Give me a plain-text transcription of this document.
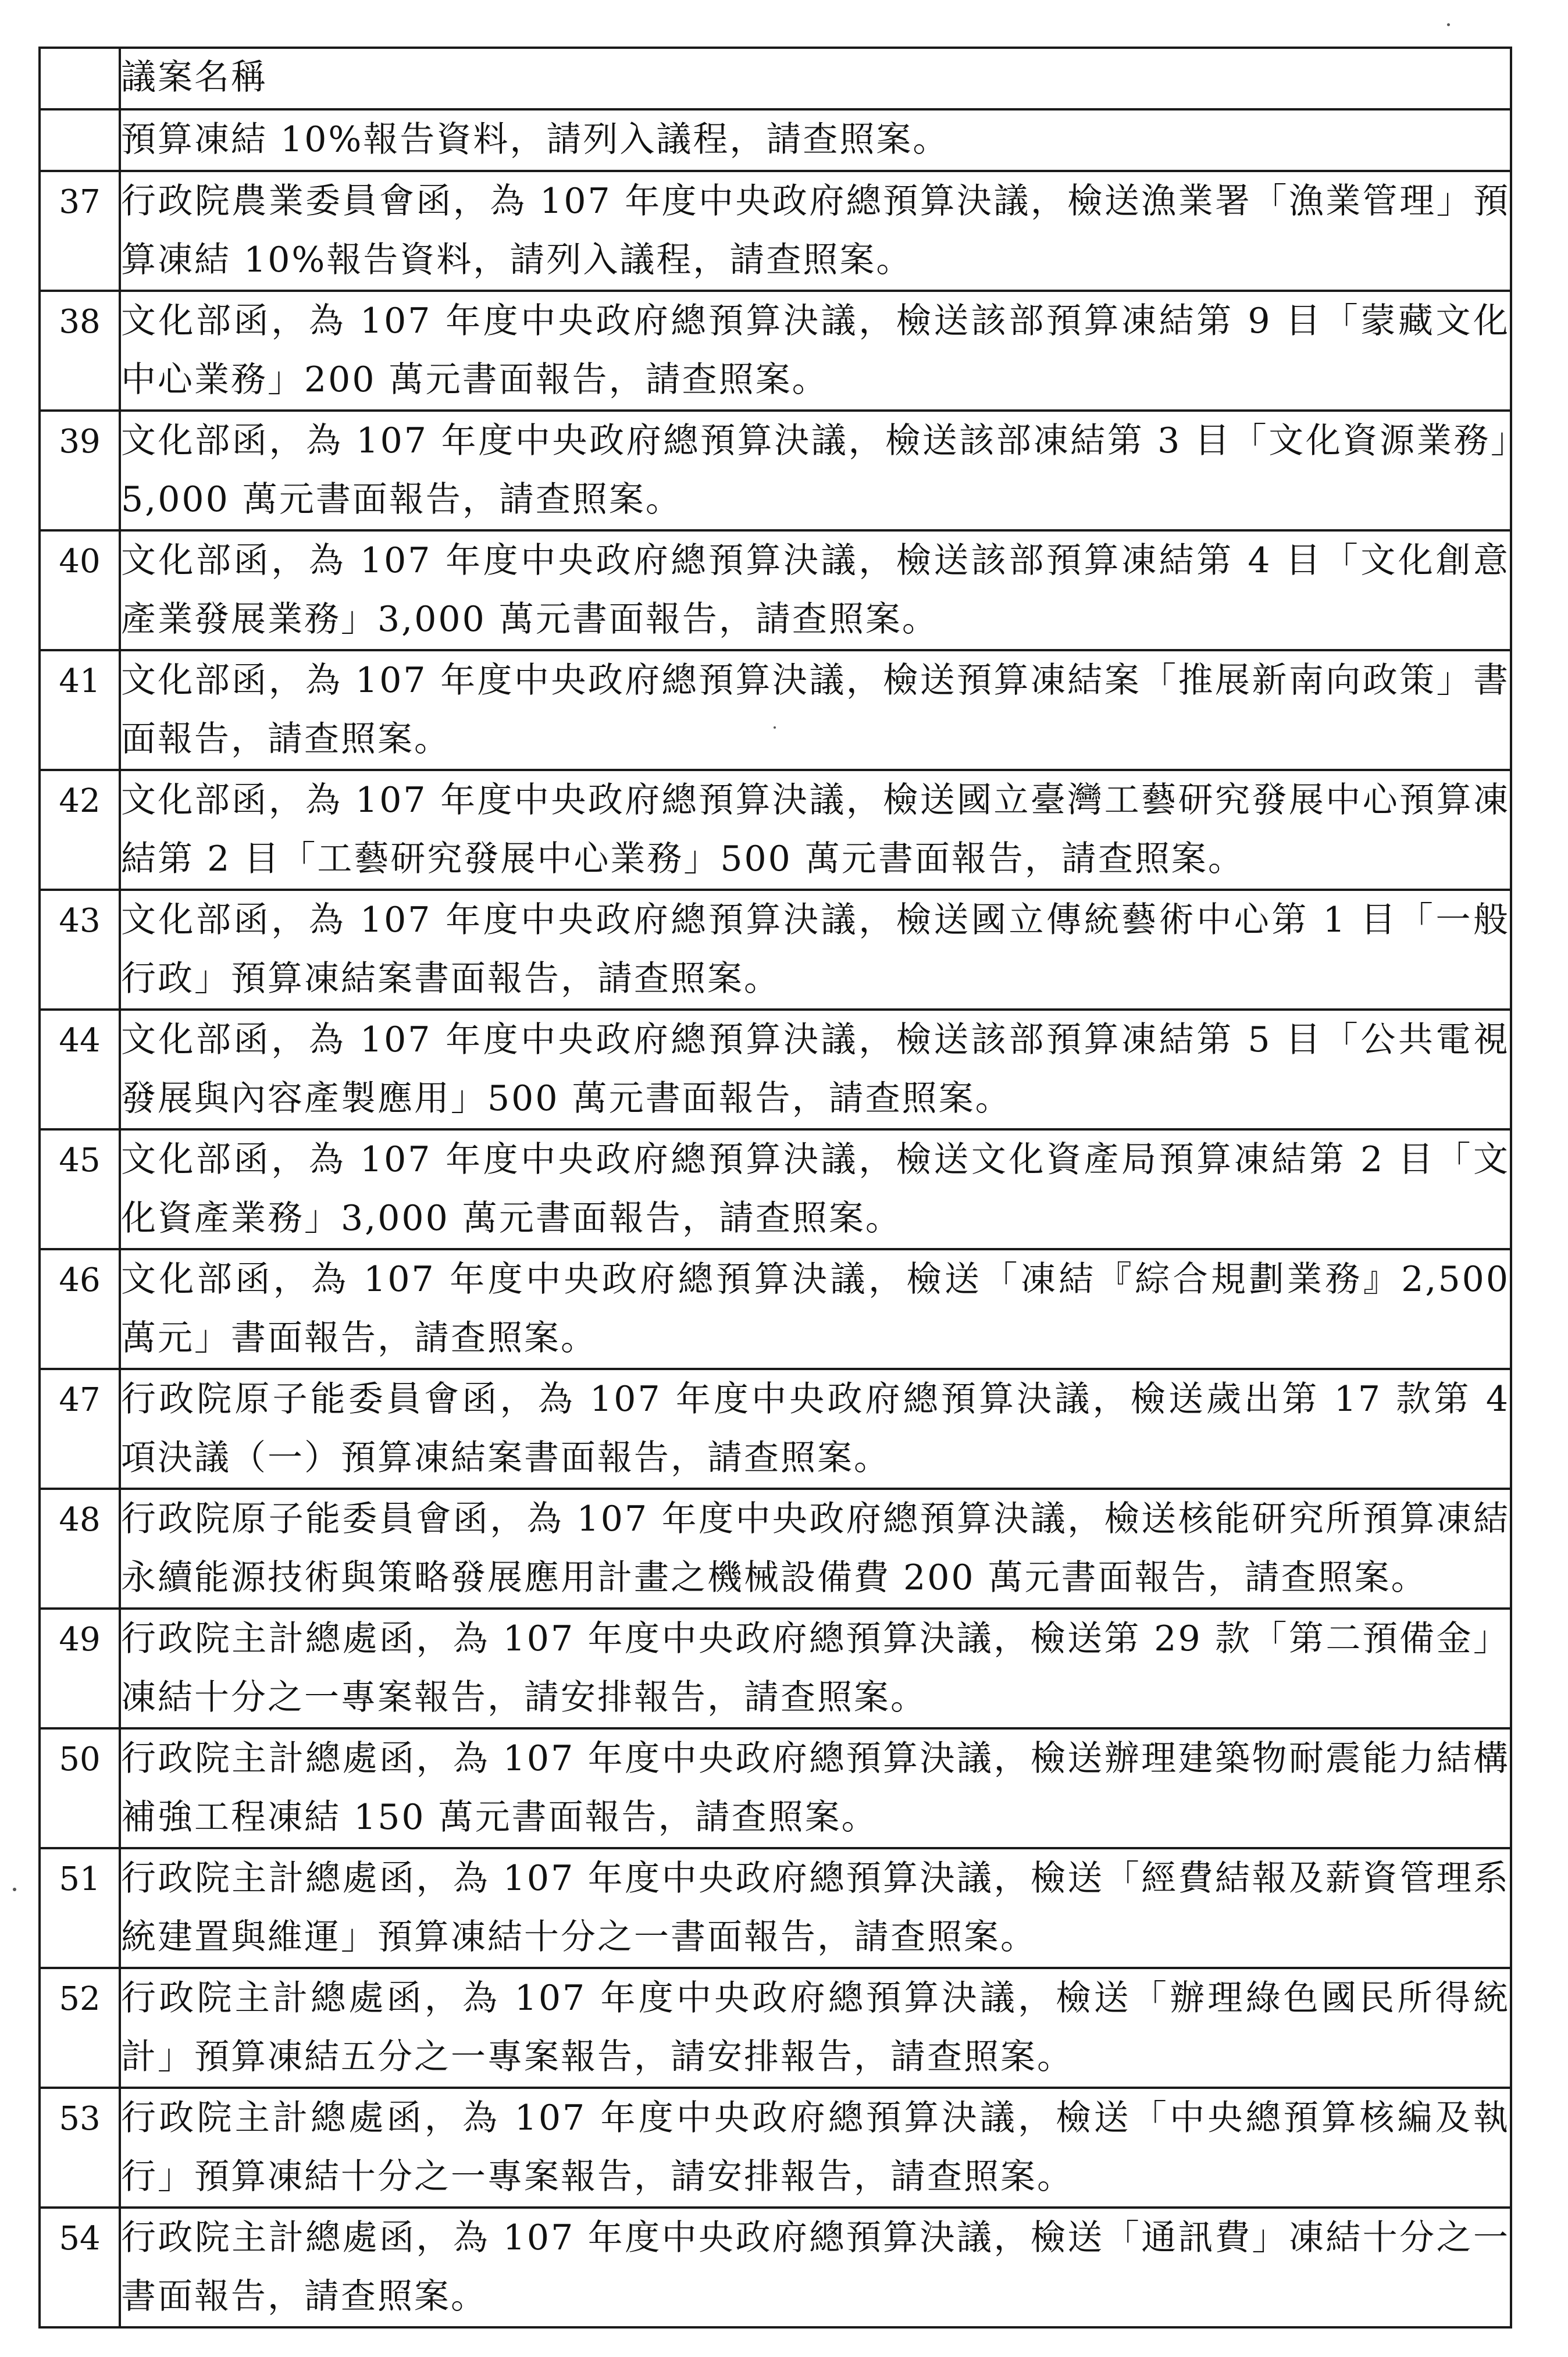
	議案名稱
	預算凍結 10%報告資料，請列入議程，請查照案。
37	行政院農業委員會函，為 107 年度中央政府總預算決議，檢送漁業署「漁業管理」預算凍結 10%報告資料，請列入議程，請查照案。
38	文化部函，為 107 年度中央政府總預算決議，檢送該部預算凍結第 9 目「蒙藏文化中心業務」200 萬元書面報告，請查照案。
39	文化部函，為 107 年度中央政府總預算決議，檢送該部凍結第 3 目「文化資源業務」5,000 萬元書面報告，請查照案。
40	文化部函，為 107 年度中央政府總預算決議，檢送該部預算凍結第 4 目「文化創意產業發展業務」3,000 萬元書面報告，請查照案。
41	文化部函，為 107 年度中央政府總預算決議，檢送預算凍結案「推展新南向政策」書面報告，請查照案。
42	文化部函，為 107 年度中央政府總預算決議，檢送國立臺灣工藝研究發展中心預算凍結第 2 目「工藝研究發展中心業務」500 萬元書面報告，請查照案。
43	文化部函，為 107 年度中央政府總預算決議，檢送國立傳統藝術中心第 1 目「一般行政」預算凍結案書面報告，請查照案。
44	文化部函，為 107 年度中央政府總預算決議，檢送該部預算凍結第 5 目「公共電視發展與內容產製應用」500 萬元書面報告，請查照案。
45	文化部函，為 107 年度中央政府總預算決議，檢送文化資產局預算凍結第 2 目「文化資產業務」3,000 萬元書面報告，請查照案。
46	文化部函，為 107 年度中央政府總預算決議，檢送「凍結『綜合規劃業務』2,500 萬元」書面報告，請查照案。
47	行政院原子能委員會函，為 107 年度中央政府總預算決議，檢送歲出第 17 款第 4 項決議（一）預算凍結案書面報告，請查照案。
48	行政院原子能委員會函，為 107 年度中央政府總預算決議，檢送核能研究所預算凍結永續能源技術與策略發展應用計畫之機械設備費 200 萬元書面報告，請查照案。
49	行政院主計總處函，為 107 年度中央政府總預算決議，檢送第 29 款「第二預備金」凍結十分之一專案報告，請安排報告，請查照案。
50	行政院主計總處函，為 107 年度中央政府總預算決議，檢送辦理建築物耐震能力結構補強工程凍結 150 萬元書面報告，請查照案。
51	行政院主計總處函，為 107 年度中央政府總預算決議，檢送「經費結報及薪資管理系統建置與維運」預算凍結十分之一書面報告，請查照案。
52	行政院主計總處函，為 107 年度中央政府總預算決議，檢送「辦理綠色國民所得統計」預算凍結五分之一專案報告，請安排報告，請查照案。
53	行政院主計總處函，為 107 年度中央政府總預算決議，檢送「中央總預算核編及執行」預算凍結十分之一專案報告，請安排報告，請查照案。
54	行政院主計總處函，為 107 年度中央政府總預算決議，檢送「通訊費」凍結十分之一書面報告，請查照案。
